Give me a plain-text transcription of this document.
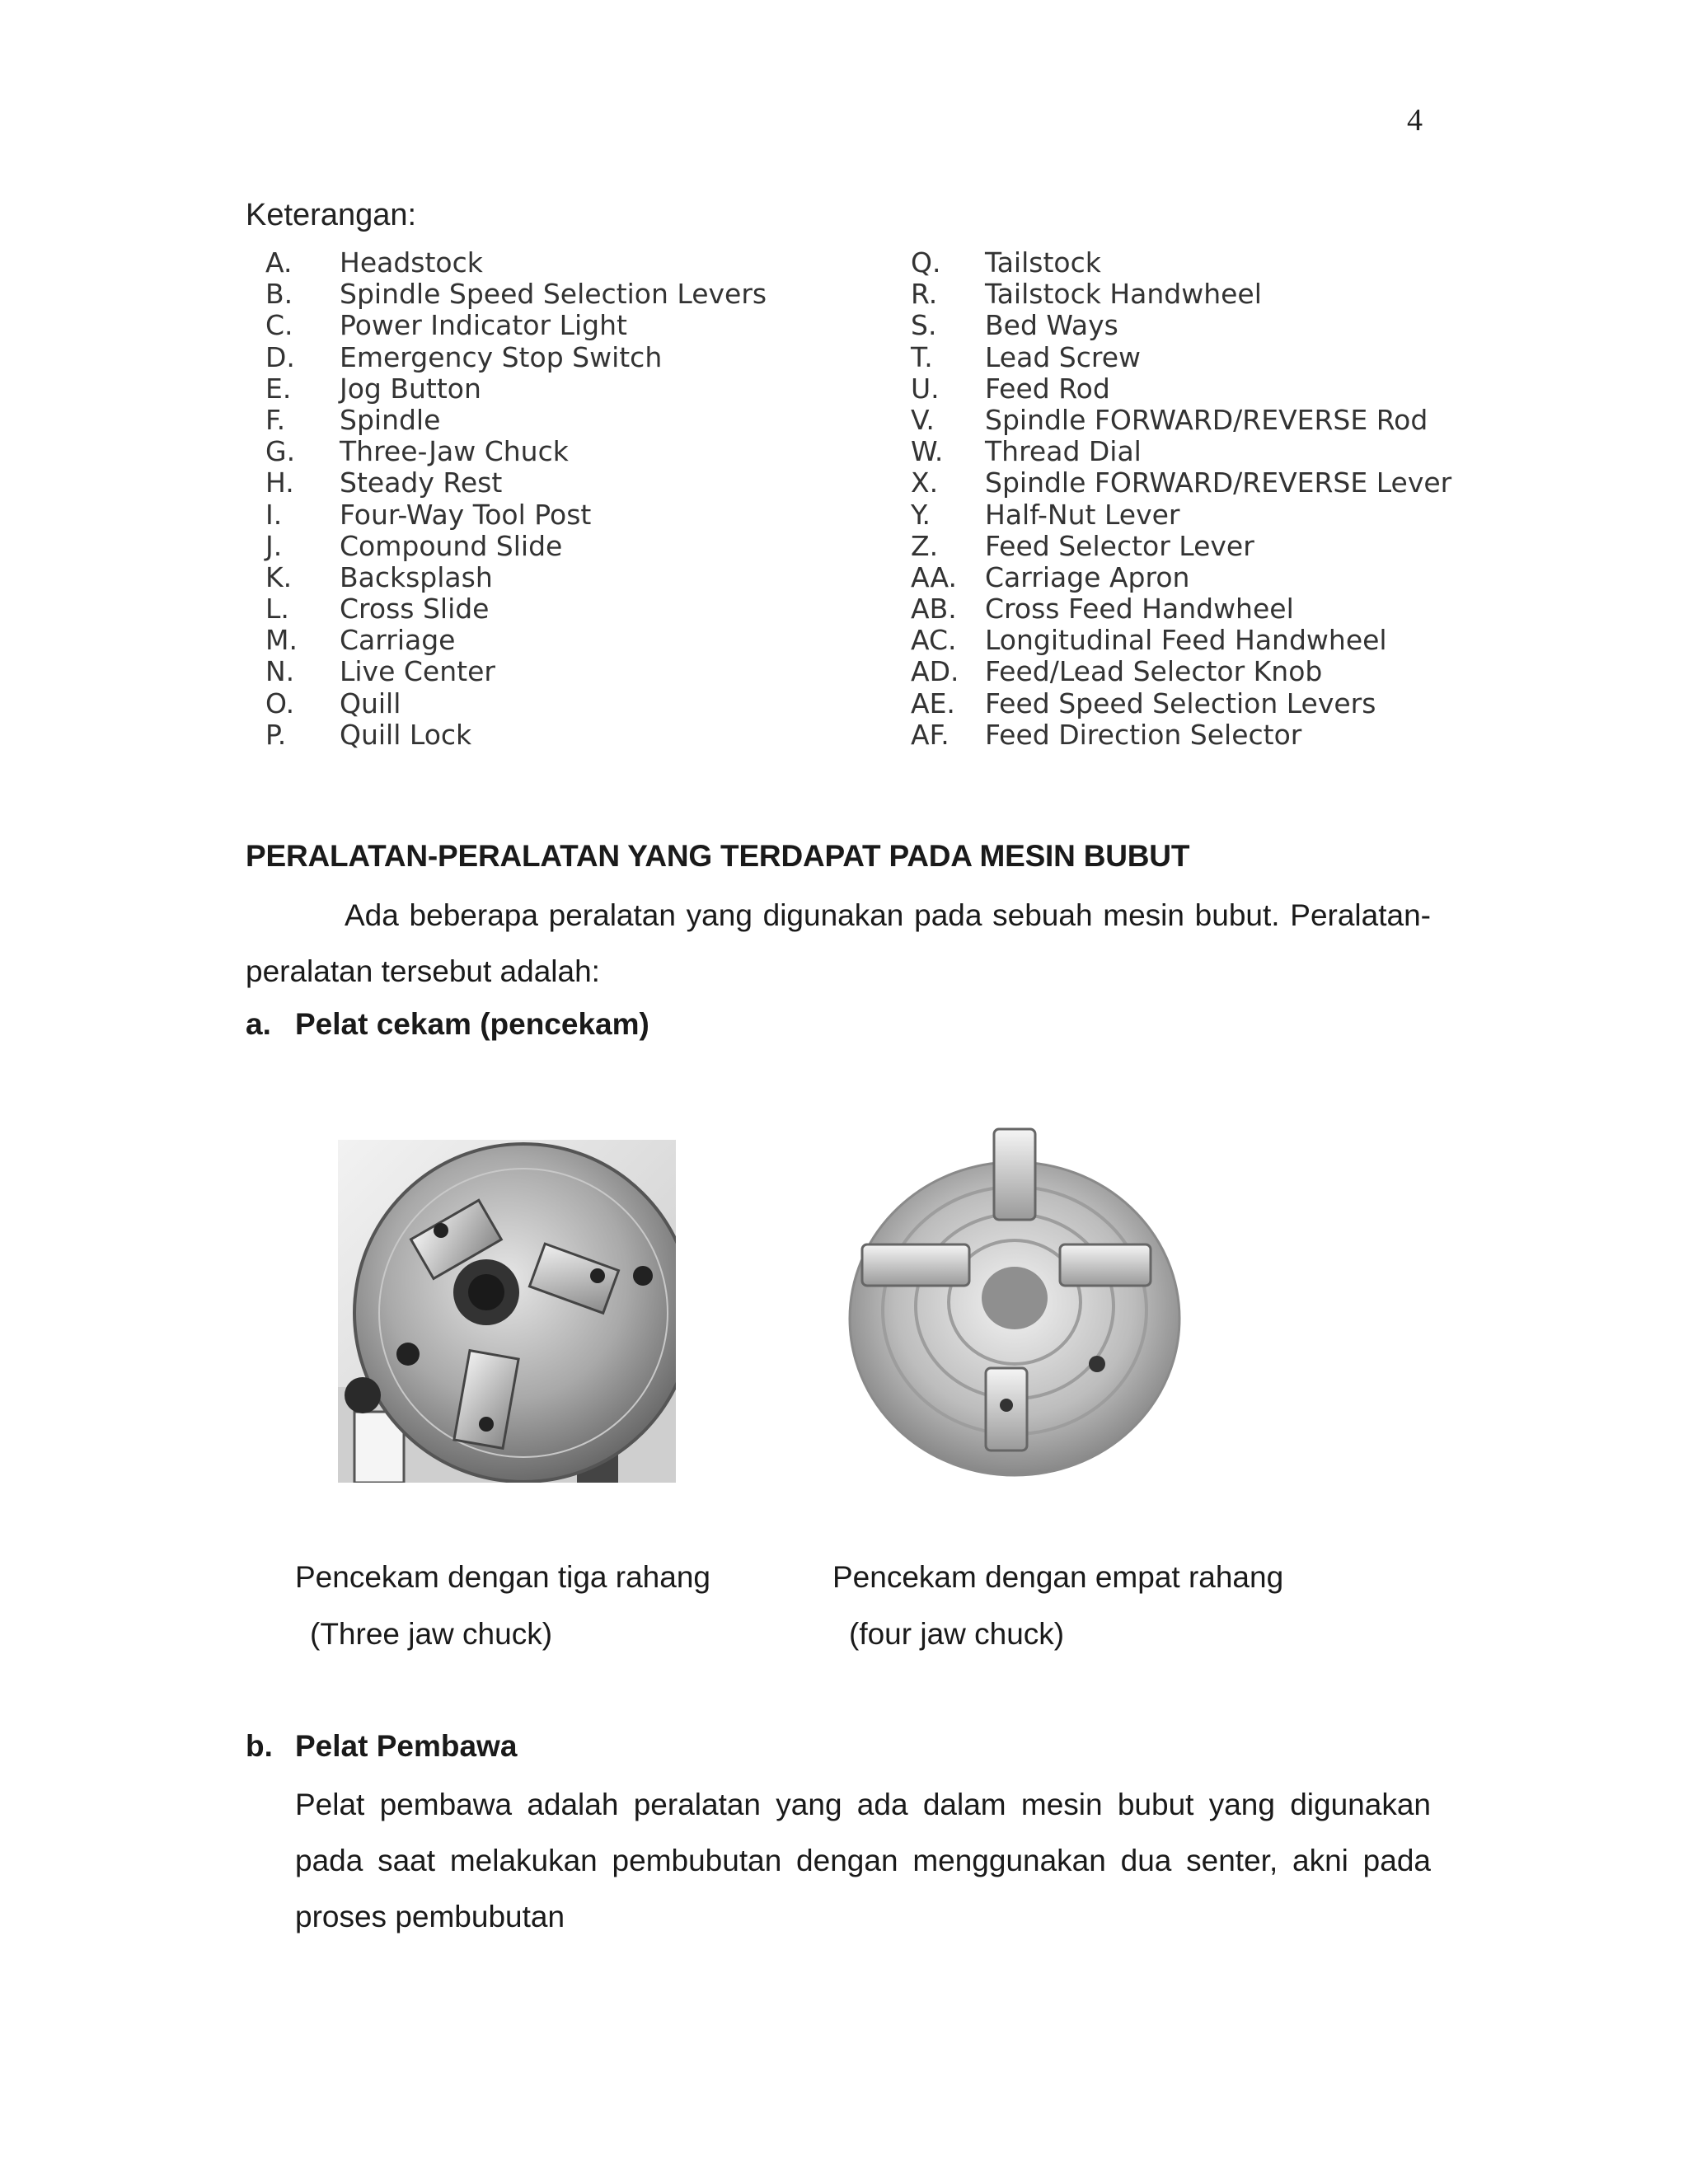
4
Keterangan:
A.	Headstock
B.	Spindle Speed Selection Levers
C.	Power Indicator Light
D.	Emergency Stop Switch
E.	Jog Button
F.	Spindle
G.	Three-Jaw Chuck
H.	Steady Rest
I.	Four-Way Tool Post
J.	Compound Slide
K.	Backsplash
L.	Cross Slide
M.	Carriage
N.	Live Center
O.	Quill
P.	Quill Lock
Q.	Tailstock
R.	Tailstock Handwheel
S.	Bed Ways
T.	Lead Screw
U.	Feed Rod
V.	Spindle FORWARD/REVERSE Rod
W.	Thread Dial
X.	Spindle FORWARD/REVERSE Lever
Y.	Half-Nut Lever
Z.	Feed Selector Lever
AA.	Carriage Apron
AB.	Cross Feed Handwheel
AC.	Longitudinal Feed Handwheel
AD. Feed/Lead Selector Knob
AE.	Feed Speed Selection Levers
AF.	Feed Direction Selector
PERALATAN-PERALATAN YANG TERDAPAT PADA MESIN BUBUT

Ada beberapa peralatan yang digunakan pada sebuah mesin bubut. Peralatan-peralatan tersebut adalah:

a. Pelat cekam (pencekam)
Pencekam dengan tiga rahang
(Three jaw chuck)
Pencekam dengan empat rahang
(four jaw chuck)
b. Pelat Pembawa

Pelat pembawa adalah peralatan yang ada dalam mesin bubut yang digunakan pada saat melakukan pembubutan dengan menggunakan dua senter, akni pada proses pembubutan
